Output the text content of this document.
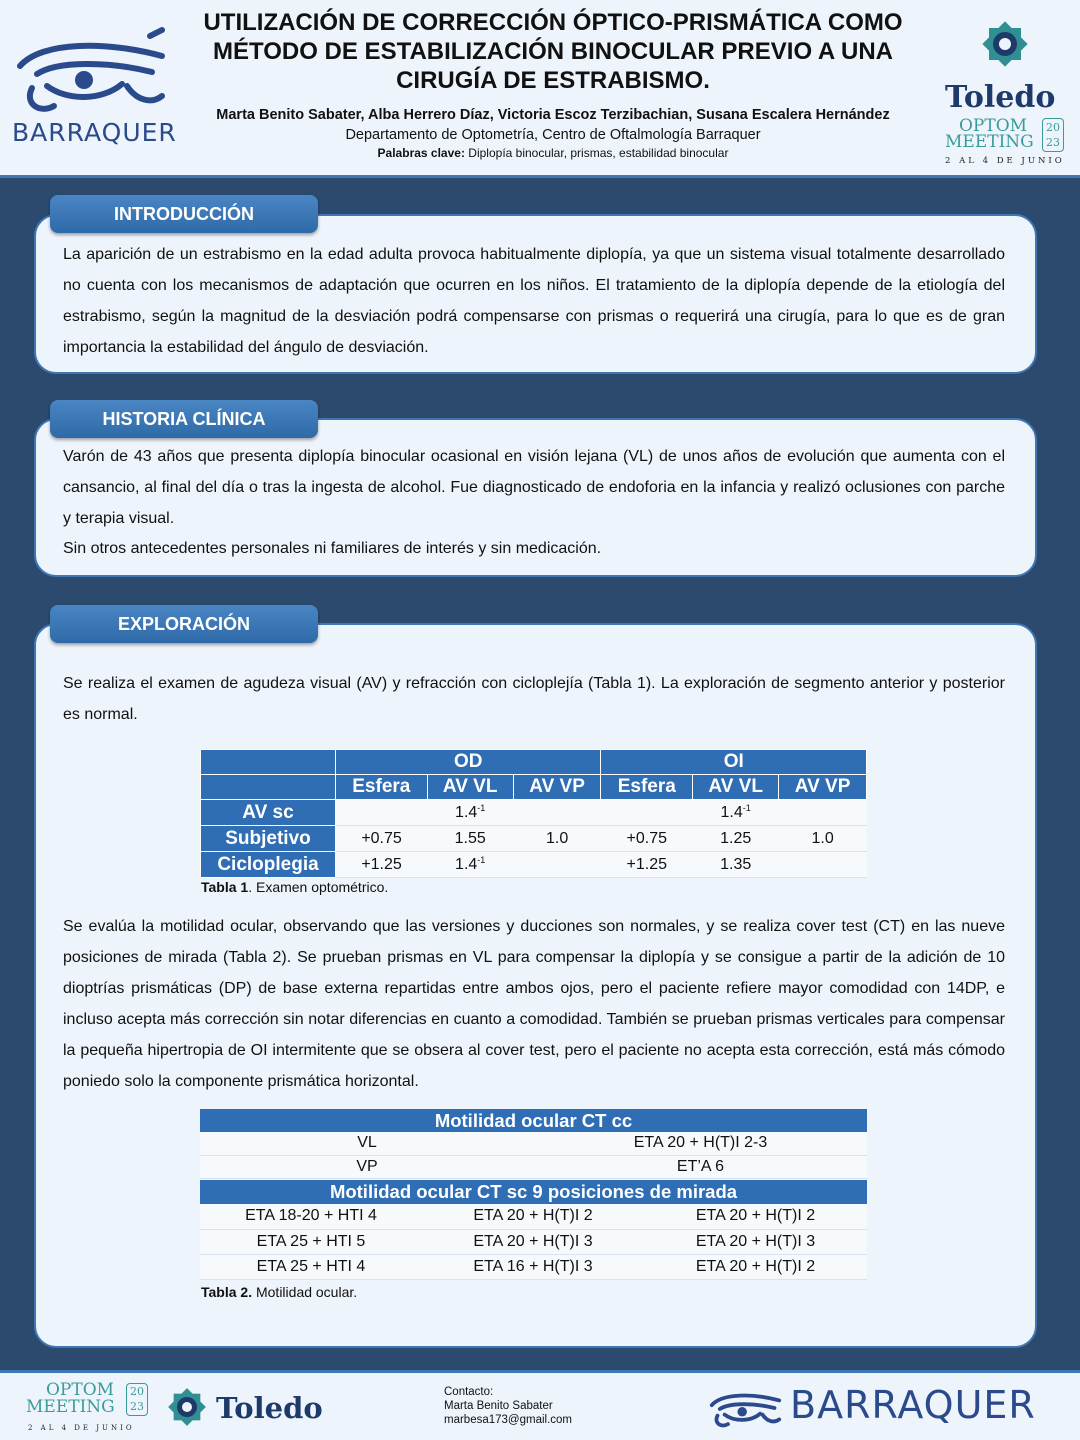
BARRAQUER
UTILIZACIÓN DE CORRECCIÓN ÓPTICO-PRISMÁTICA COMO MÉTODO DE ESTABILIZACIÓN BINOCULAR PREVIO A UNA CIRUGÍA DE ESTRABISMO.
Marta Benito Sabater, Alba Herrero Díaz, Victoria Escoz Terzibachian, Susana Escalera Hernández
Departamento de Optometría, Centro de Oftalmología Barraquer
Palabras clave: Diplopía binocular, prismas, estabilidad binocular
Toledo
OPTOM
MEETING
20
23
2 AL 4 DE JUNIO
INTRODUCCIÓN
La aparición de un estrabismo en la edad adulta provoca habitualmente diplopía, ya que un sistema visual totalmente desarrollado no cuenta con los mecanismos de adaptación que ocurren en los niños. El tratamiento de la diplopía depende de la etiología del estrabismo, según la magnitud de la desviación podrá compensarse con prismas o requerirá una cirugía, para lo que es de gran importancia la estabilidad del ángulo de desviación.
HISTORIA CLÍNICA
Varón de 43 años que presenta diplopía binocular ocasional en visión lejana (VL) de unos años de evolución que aumenta con el cansancio, al final del día o tras la ingesta de alcohol. Fue diagnosticado de endoforia en la infancia y realizó oclusiones con parche y terapia visual.
Sin otros antecedentes personales ni familiares de interés y sin medicación.
EXPLORACIÓN
Se realiza el examen de agudeza visual (AV) y refracción con cicloplejía (Tabla 1). La exploración de segmento anterior y posterior es normal.
	OD			OI		
	Esfera	AV VL	AV VP	Esfera	AV VL	AV VP
AV sc		$1.4^{-1}$			$1.4^{-1}$	
Subjetivo	+0.75	1.55	1.0	+0.75	1.25	1.0
Cicloplegia	+1.25	$1.4^{-1}$		+1.25	1.35	
Tabla 1. Examen optométrico.
Se evalúa la motilidad ocular, observando que las versiones y ducciones son normales, y se realiza cover test (CT) en las nueve posiciones de mirada (Tabla 2). Se prueban prismas en VL para compensar la diplopía y se consigue a partir de la adición de 10 dioptrías prismáticas (DP) de base externa repartidas entre ambos ojos, pero el paciente refiere mayor comodidad con 14DP, e incluso acepta más corrección sin notar diferencias en cuanto a comodidad. También se prueban prismas verticales para compensar la pequeña hipertropia de OI intermitente que se obsera al cover test, pero el paciente no acepta esta corrección, está más cómodo poniedo solo la componente prismática horizontal.
Motilidad ocular CT cc	
VL	ETA 20 + H(T)I 2-3
VP	ET’A 6
Motilidad ocular CT sc 9 posiciones de mirada		
ETA 18-20 + HTI 4	ETA 20 + H(T)I 2	ETA 20 + H(T)I 2
ETA 25 + HTI 5	ETA 20 + H(T)I 3	ETA 20 + H(T)I 3
ETA 25 + HTI 4	ETA 16 + H(T)I 3	ETA 20 + H(T)I 2
Tabla 2. Motilidad ocular.
OPTOM
MEETING
20
23
2 AL 4 DE JUNIO
Toledo	Contacto:
Marta Benito Sabater
marbesa173@gmail.com	BARRAQUER
